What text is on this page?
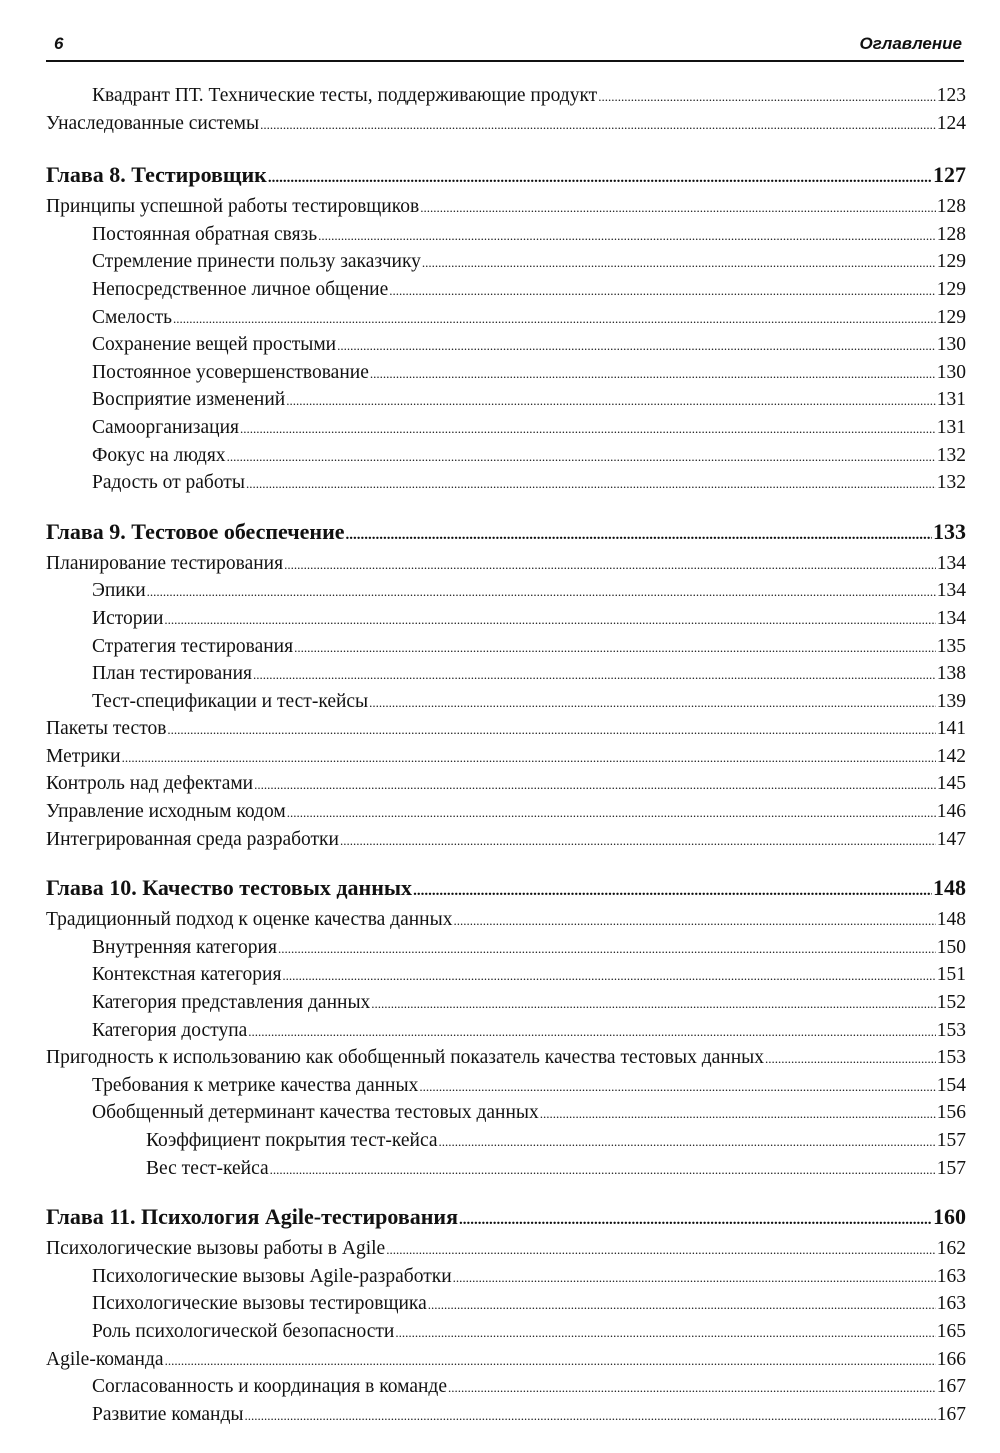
6	Оглавление
Квадрант ПТ. Технические тесты, поддерживающие продукт .....	123
Унаследованные системы .....	124
Глава 8. Тестировщик .....	127
Принципы успешной работы тестировщиков .....	128
Постоянная обратная связь .....	128
Стремление принести пользу заказчику .....	129
Непосредственное личное общение .....	129
Смелость .....	129
Сохранение вещей простыми .....	130
Постоянное усовершенствование .....	130
Восприятие изменений .....	131
Самоорганизация .....	131
Фокус на людях .....	132
Радость от работы .....	132
Глава 9. Тестовое обеспечение .....	133
Планирование тестирования .....	134
Эпики .....	134
Истории .....	134
Стратегия тестирования .....	135
План тестирования .....	138
Тест-спецификации и тест-кейсы .....	139
Пакеты тестов .....	141
Метрики .....	142
Контроль над дефектами .....	145
Управление исходным кодом .....	146
Интегрированная среда разработки .....	147
Глава 10. Качество тестовых данных .....	148
Традиционный подход к оценке качества данных .....	148
Внутренняя категория .....	150
Контекстная категория .....	151
Категория представления данных .....	152
Категория доступа .....	153
Пригодность к использованию как обобщенный показатель качества тестовых данных .....	153
Требования к метрике качества данных .....	154
Обобщенный детерминант качества тестовых данных .....	156
Коэффициент покрытия тест-кейса .....	157
Вес тест-кейса .....	157
Глава 11. Психология Agile-тестирования .....	160
Психологические вызовы работы в Agile .....	162
Психологические вызовы Agile-разработки .....	163
Психологические вызовы тестировщика .....	163
Роль психологической безопасности .....	165
Agile-команда .....	166
Согласованность и координация в команде .....	167
Развитие команды .....	167
